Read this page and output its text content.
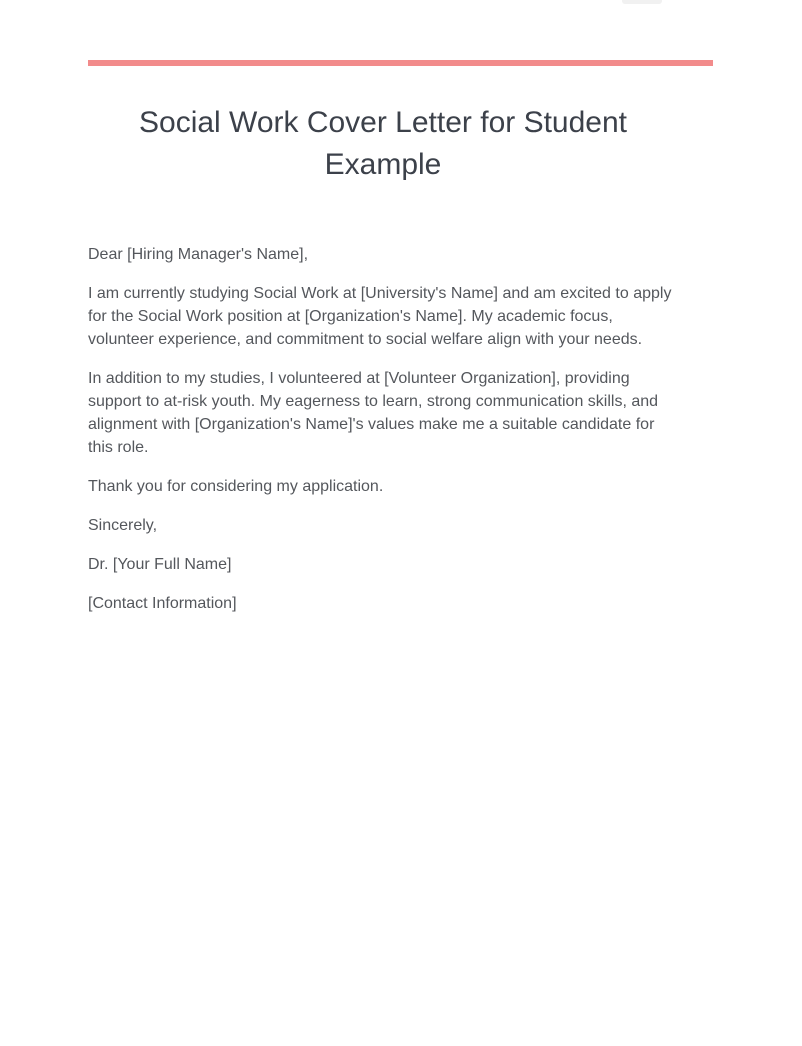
Social Work Cover Letter for Student Example

Dear [Hiring Manager's Name],

I am currently studying Social Work at [University's Name] and am excited to apply for the Social Work position at [Organization's Name]. My academic focus, volunteer experience, and commitment to social welfare align with your needs.

In addition to my studies, I volunteered at [Volunteer Organization], providing support to at-risk youth. My eagerness to learn, strong communication skills, and alignment with [Organization's Name]'s values make me a suitable candidate for this role.

Thank you for considering my application.

Sincerely,

Dr. [Your Full Name]

[Contact Information]
